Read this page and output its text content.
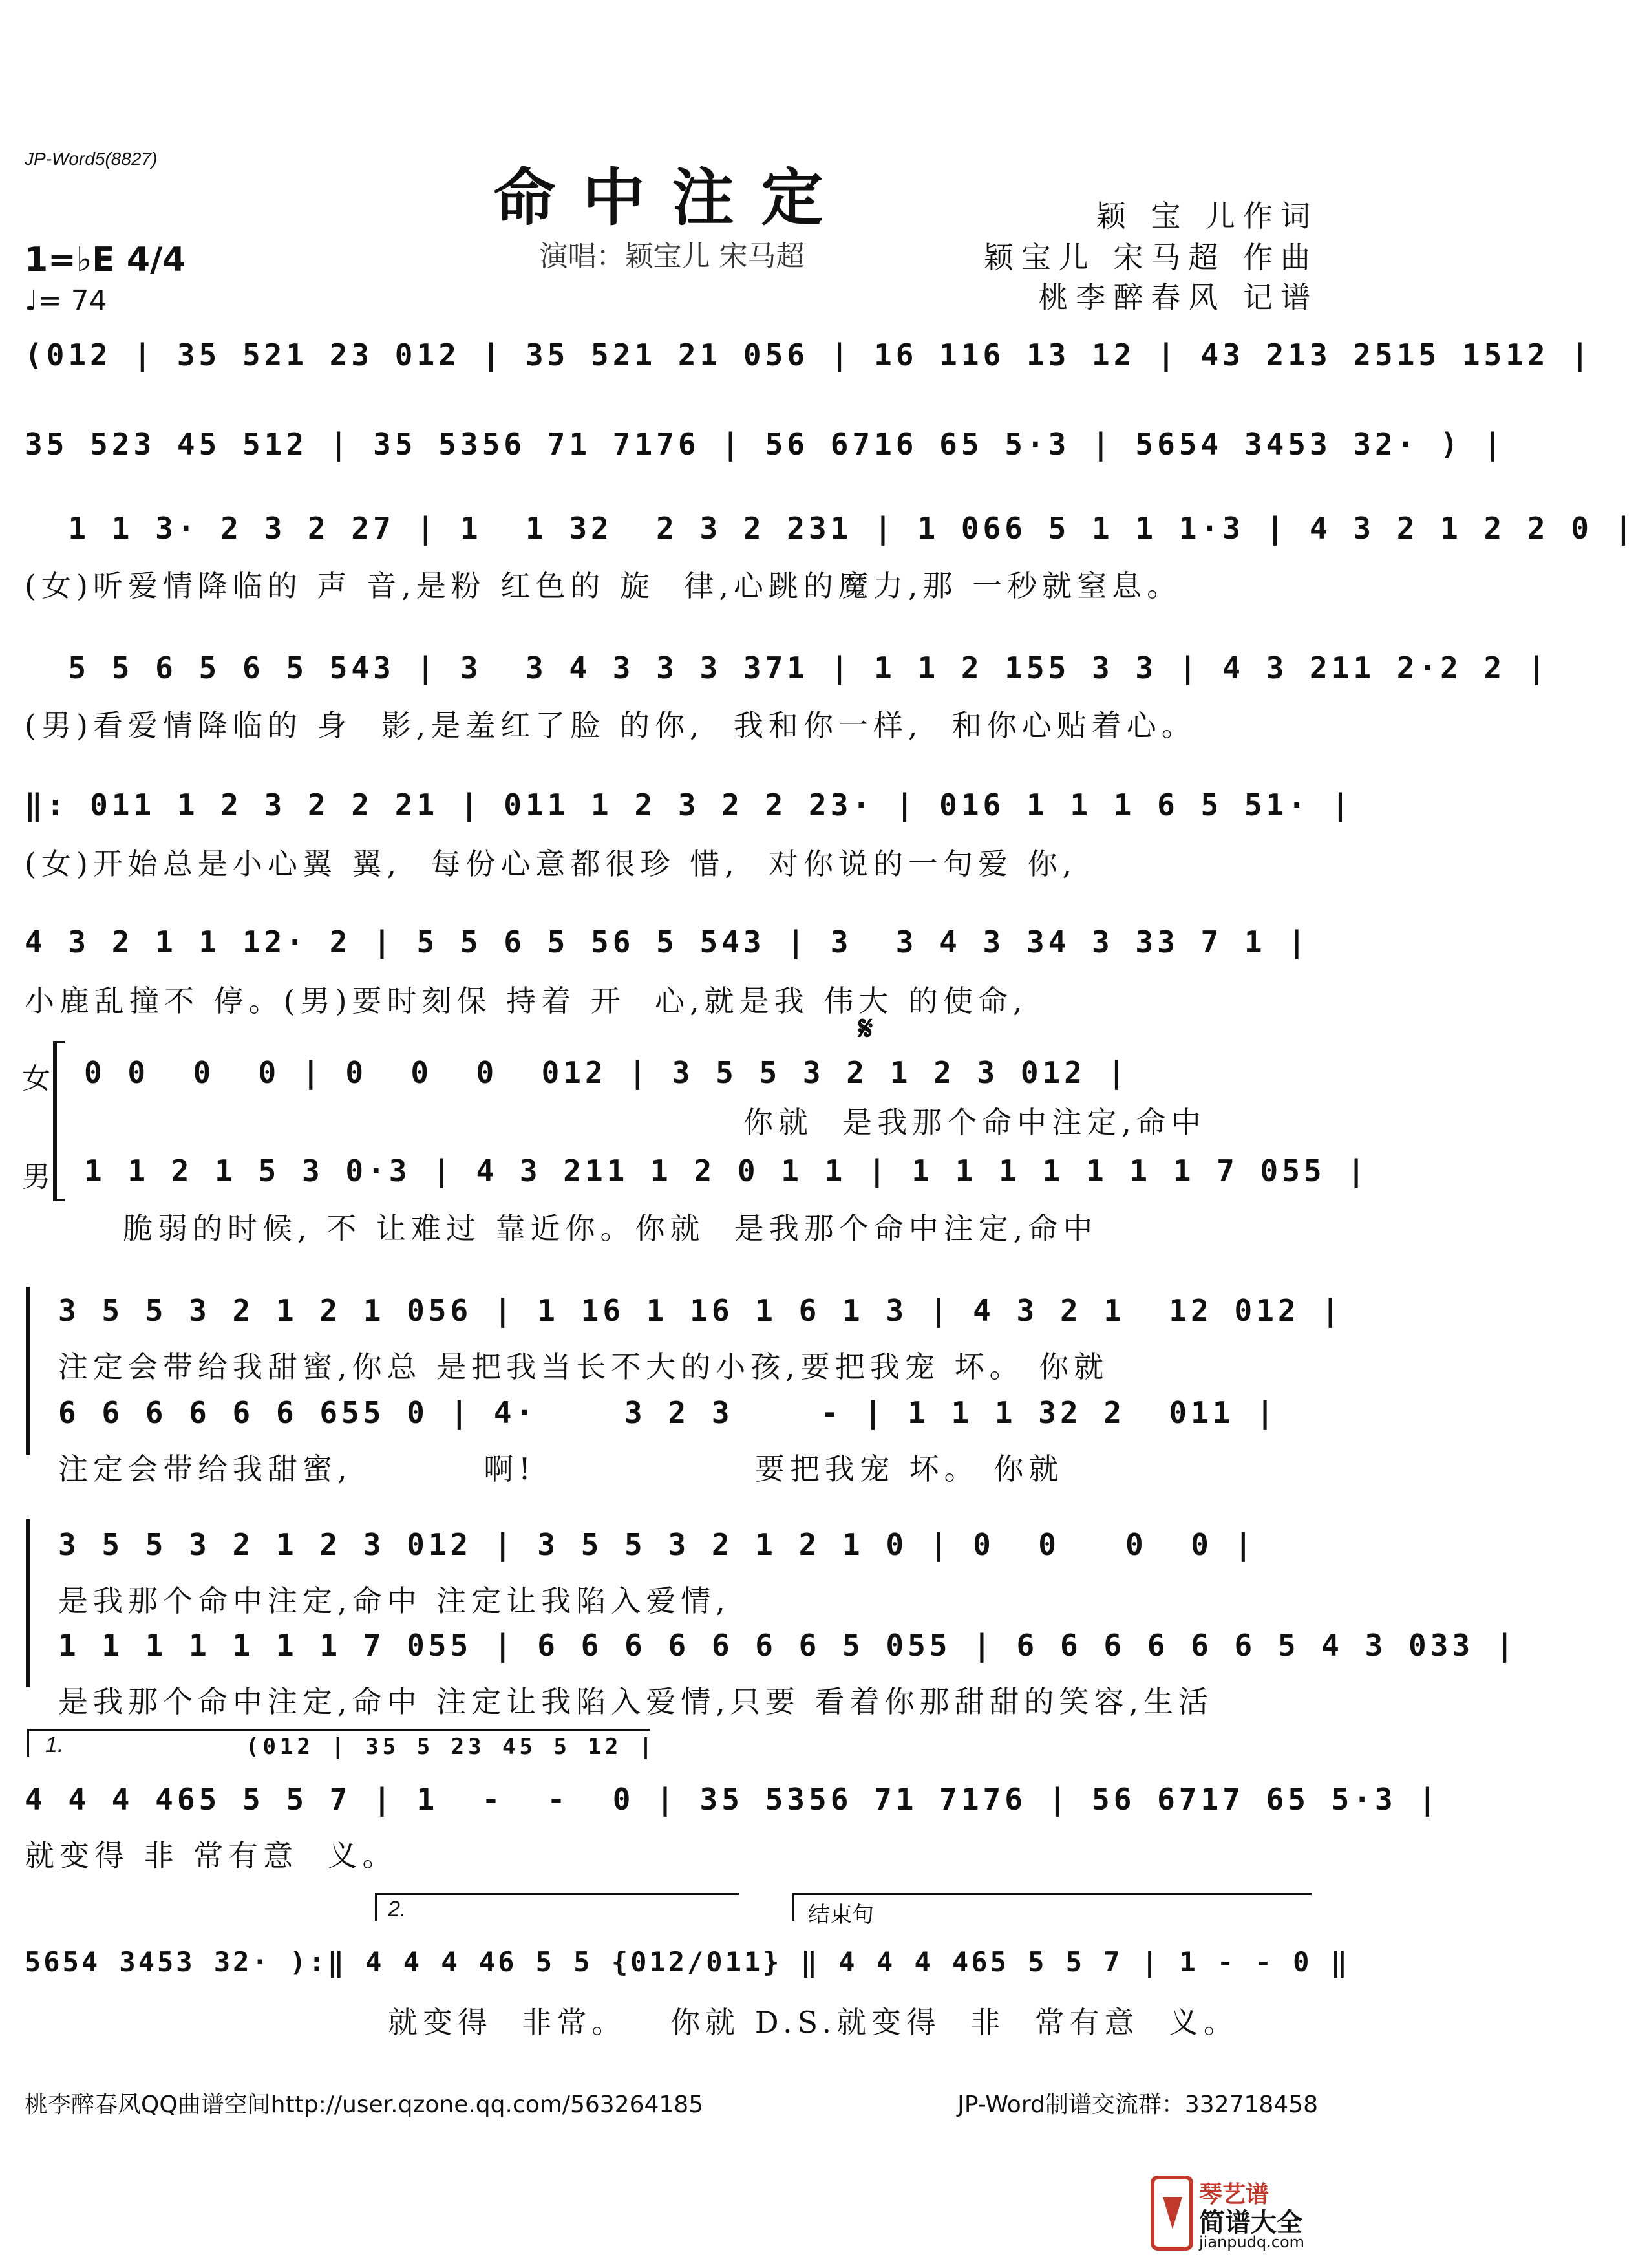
JP-Word5(8827)
命中注定
演唱：颖宝儿 宋马超
颖 宝 儿作词
颖宝儿 宋马超 作曲
桃李醉春风 记谱
1=♭E 4/4
♩= 74
(012 | 35 521 23 012 | 35 521 21 056 | 16 116 13 12 | 43 213 2515 1512 |
35 523 45 512 | 35 5356 71 7176 | 56 6716 65 5·3 | 5654 3453 32· ) |
1 1 3· 2 3 2 27 | 1  1 32  2 3 2 231 | 1 066 5 1 1 1·3 | 4 3 2 1 2 2 0 |
(女)听爱情降临的 声 音,是粉 红色的 旋  律,心跳的魔力,那 一秒就窒息。
5 5 6 5 6 5 543 | 3  3 4 3 3 3 371 | 1 1 2 155 3 3 | 4 3 211 2·2 2 |
(男)看爱情降临的 身  影,是羞红了脸 的你,  我和你一样,  和你心贴着心。
‖: 011 1 2 3 2 2 21 | 011 1 2 3 2 2 23· | 016 1 1 1 6 5 51· |
(女)开始总是小心翼 翼,  每份心意都很珍 惜,  对你说的一句爱 你,
4 3 2 1 1 12· 2 | 5 5 6 5 56 5 543 | 3  3 4 3 34 3 33 7 1 |
小鹿乱撞不 停。(男)要时刻保 持着 开  心,就是我 伟大 的使命,
𝄋
女
男
0 0  0  0 | 0  0  0  012 | 3 5 5 3 2 1 2 3 012 |
你就  是我那个命中注定,命中
1 1 2 1 5 3 0·3 | 4 3 211 1 2 0 1 1 | 1 1 1 1 1 1 1 7 055 |
脆弱的时候, 不 让难过 靠近你。你就  是我那个命中注定,命中
3 5 5 3 2 1 2 1 056 | 1 16 1 16 1 6 1 3 | 4 3 2 1  12 012 |
注定会带给我甜蜜,你总 是把我当长不大的小孩,要把我宠 坏。 你就
6 6 6 6 6 6 655 0 | 4·    3 2 3    - | 1 1 1 32 2  011 |
注定会带给我甜蜜,         啊!               要把我宠 坏。 你就
3 5 5 3 2 1 2 3 012 | 3 5 5 3 2 1 2 1 0 | 0  0   0  0 |
是我那个命中注定,命中 注定让我陷入爱情,
1 1 1 1 1 1 1 7 055 | 6 6 6 6 6 6 6 5 055 | 6 6 6 6 6 6 5 4 3 033 |
是我那个命中注定,命中 注定让我陷入爱情,只要 看着你那甜甜的笑容,生活
1.	(012 | 35 5 23 45 5 12 |
4 4 4 465 5 5 7 | 1  -  -  0 | 35 5356 71 7176 | 56 6717 65 5·3 |
就变得 非 常有意  义。
2.	结束句
5654 3453 32· ):‖ 4 4 4 46 5 5 {012/011} ‖ 4 4 4 465 5 5 7 | 1 - - 0 ‖
就变得  非常。   你就 D.S.就变得  非  常有意  义。
桃李醉春风QQ曲谱空间http://user.qzone.qq.com/563264185	JP-Word制谱交流群：332718458
琴艺谱
简谱大全
jianpudq.com
